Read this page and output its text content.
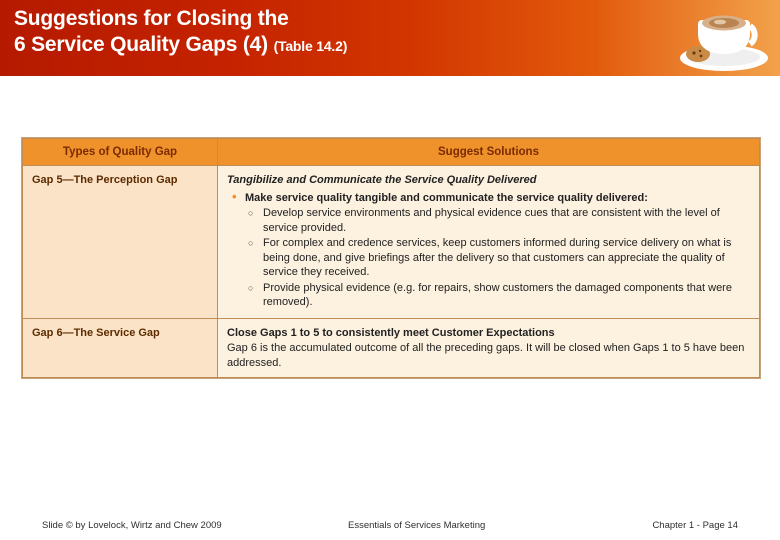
Suggestions for Closing the
6 Service Quality Gaps (4) (Table 14.2)
Types of Quality Gap	Suggest Solutions
Gap 5—The Perception Gap	Tangibilize and Communicate the Service Quality Delivered

• Make service quality tangible and communicate the service quality delivered:
○ Develop service environments and physical evidence cues that are consistent with the level of service provided.
○ For complex and credence services, keep customers informed during service delivery on what is being done, and give briefings after the delivery so that customers can appreciate the quality of service they received.
○ Provide physical evidence (e.g. for repairs, show customers the damaged components that were removed).

Gap 6—The Service Gap	Close Gaps 1 to 5 to consistently meet Customer Expectations

Gap 6 is the accumulated outcome of all the preceding gaps. It will be closed when Gaps 1 to 5 have been addressed.

Slide © by Lovelock, Wirtz and Chew 2009	Essentials of Services Marketing	Chapter 1 - Page 14
